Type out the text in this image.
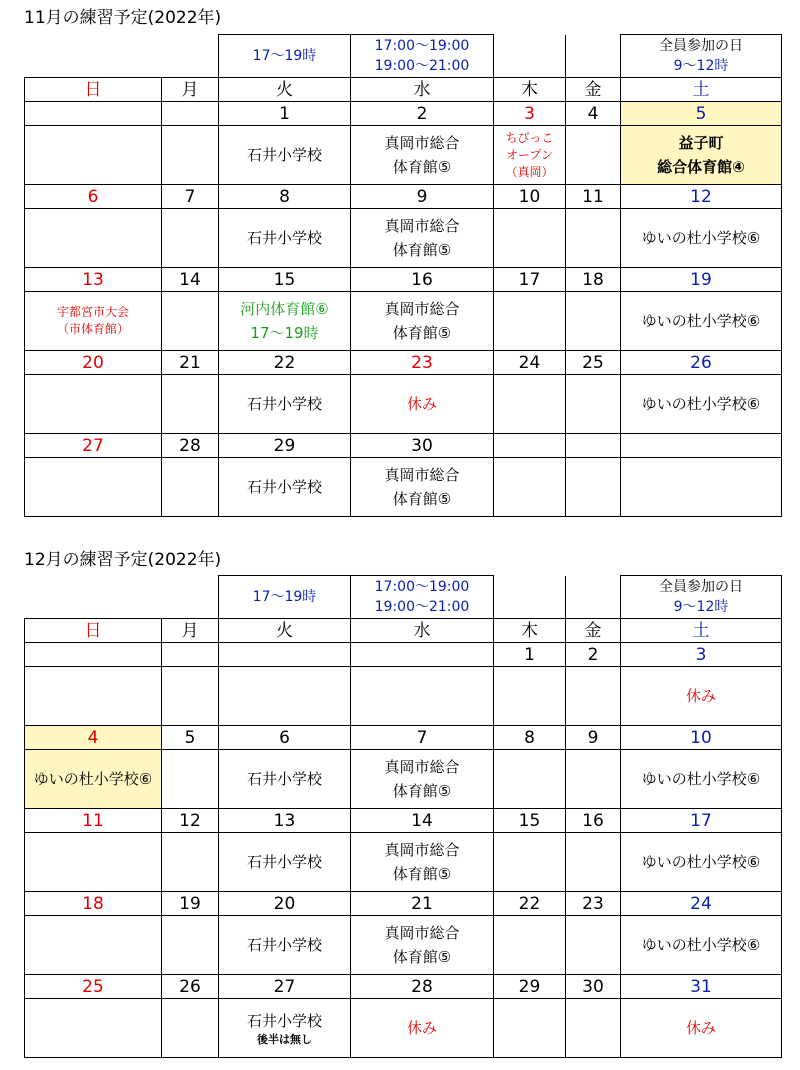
11月の練習予定(2022年)
		17〜19時	17:00〜19:00
19:00〜21:00			全員参加の日
9〜12時
日	月	火	水	木	金	土
		1	2	3	4	5
		石井小学校	真岡市総合
体育館⑤	ちびっこ
オープン
（真岡）		益子町
総合体育館④
6	7	8	9	10	11	12
		石井小学校	真岡市総合
体育館⑤			ゆいの杜小学校⑥
13	14	15	16	17	18	19
宇都宮市大会
（市体育館）		河内体育館⑥
17〜19時	真岡市総合
体育館⑤			ゆいの杜小学校⑥
20	21	22	23	24	25	26
		石井小学校	休み			ゆいの杜小学校⑥
27	28	29	30			
		石井小学校	真岡市総合
体育館⑤			
12月の練習予定(2022年)
		17〜19時	17:00〜19:00
19:00〜21:00			全員参加の日
9〜12時
日	月	火	水	木	金	土
				1	2	3
						休み
4	5	6	7	8	9	10
ゆいの杜小学校⑥		石井小学校	真岡市総合
体育館⑤			ゆいの杜小学校⑥
11	12	13	14	15	16	17
		石井小学校	真岡市総合
体育館⑤			ゆいの杜小学校⑥
18	19	20	21	22	23	24
		石井小学校	真岡市総合
体育館⑤			ゆいの杜小学校⑥
25	26	27	28	29	30	31
		石井小学校
後半は無し	休み			休み
